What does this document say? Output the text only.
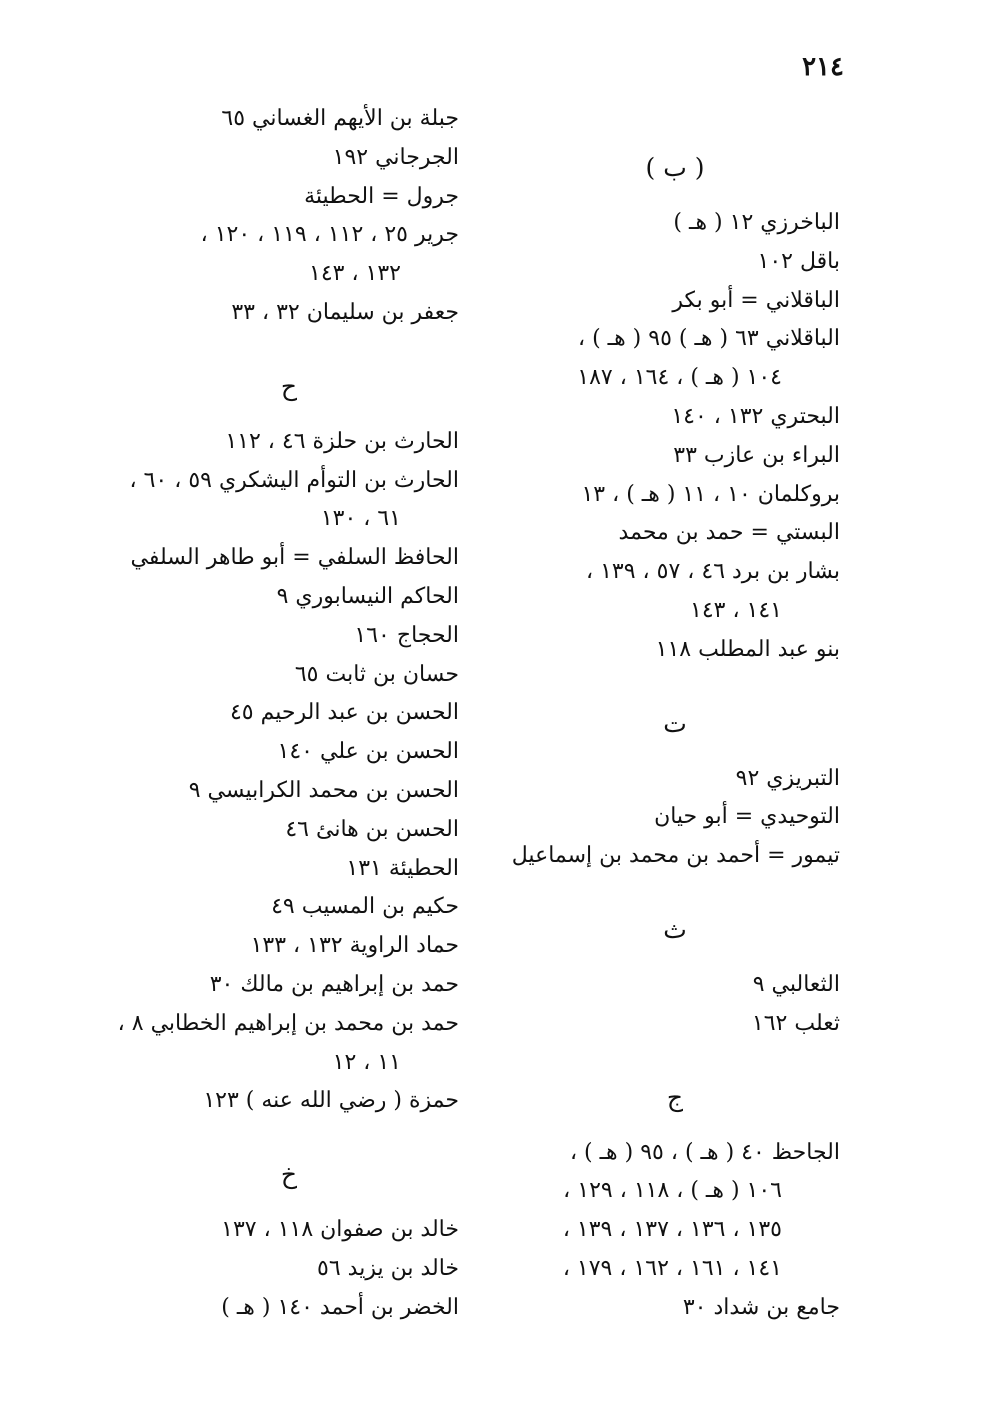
٢١٤
( ب )
الباخرزي ١٢ ( هـ )
باقل ١٠٢
الباقلاني = أبو بكر
الباقلاني ٦٣ ( هـ ) ٩٥ ( هـ ) ،
١٠٤ ( هـ ) ، ١٦٤ ، ١٨٧
البحتري ١٣٢ ، ١٤٠
البراء بن عازب ٣٣
بروكلمان ١٠ ، ١١ ( هـ ) ، ١٣
البستي = حمد بن محمد
بشار بن برد ٤٦ ، ٥٧ ، ١٣٩ ،
١٤١ ، ١٤٣
بنو عبد المطلب ١١٨
ت
التبريزي ٩٢
التوحيدي = أبو حيان
تيمور = أحمد بن محمد بن إسماعيل
ث
الثعالبي ٩
ثعلب ١٦٢
ج
الجاحظ ٤٠ ( هـ ) ، ٩٥ ( هـ ) ،
١٠٦ ( هـ ) ، ١١٨ ، ١٢٩ ،
١٣٥ ، ١٣٦ ، ١٣٧ ، ١٣٩ ،
١٤١ ، ١٦١ ، ١٦٢ ، ١٧٩ ،
جامع بن شداد ٣٠
جبلة بن الأيهم الغساني ٦٥
الجرجاني ١٩٢
جرول = الحطيئة
جرير ٢٥ ، ١١٢ ، ١١٩ ، ١٢٠ ،
١٣٢ ، ١٤٣
جعفر بن سليمان ٣٢ ، ٣٣
ح
الحارث بن حلزة ٤٦ ، ١١٢
الحارث بن التوأم اليشكري ٥٩ ، ٦٠ ،
٦١ ، ١٣٠
الحافظ السلفي = أبو طاهر السلفي
الحاكم النيسابوري ٩
الحجاج ١٦٠
حسان بن ثابت ٦٥
الحسن بن عبد الرحيم ٤٥
الحسن بن علي ١٤٠
الحسن بن محمد الكرابيسي ٩
الحسن بن هانئ ٤٦
الحطيئة ١٣١
حكيم بن المسيب ٤٩
حماد الراوية ١٣٢ ، ١٣٣
حمد بن إبراهيم بن مالك ٣٠
حمد بن محمد بن إبراهيم الخطابي ٨ ،
١١ ، ١٢
حمزة ( رضي الله عنه ) ١٢٣
خ
خالد بن صفوان ١١٨ ، ١٣٧
خالد بن يزيد ٥٦
الخضر بن أحمد ١٤٠ ( هـ )
